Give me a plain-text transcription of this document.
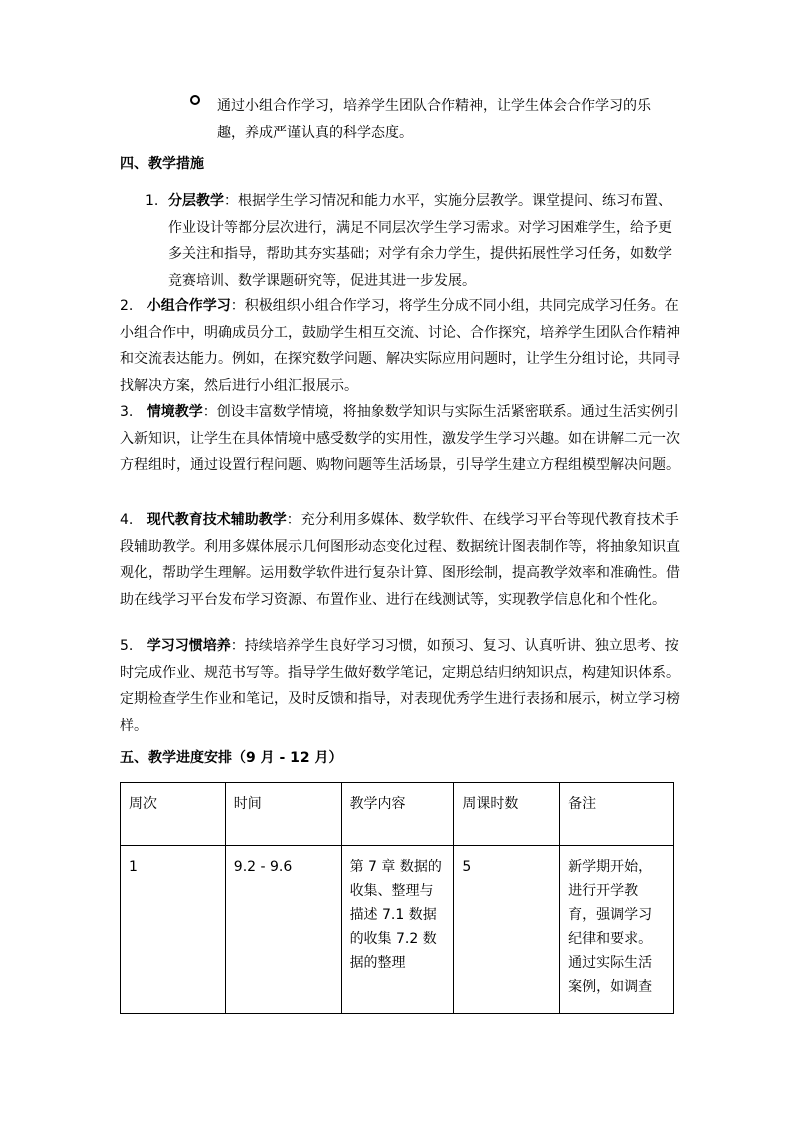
通过小组合作学习，培养学生团队合作精神，让学生体会合作学习的乐趣，养成严谨认真的科学态度。

四、教学措施

1. 分层教学：根据学生学习情况和能力水平，实施分层教学。课堂提问、练习布置、作业设计等都分层次进行，满足不同层次学生学习需求。对学习困难学生，给予更多关注和指导，帮助其夯实基础；对学有余力学生，提供拓展性学习任务，如数学竞赛培训、数学课题研究等，促进其进一步发展。

2. 小组合作学习：积极组织小组合作学习，将学生分成不同小组，共同完成学习任务。在小组合作中，明确成员分工，鼓励学生相互交流、讨论、合作探究，培养学生团队合作精神和交流表达能力。例如，在探究数学问题、解决实际应用问题时，让学生分组讨论，共同寻找解决方案，然后进行小组汇报展示。

3. 情境教学：创设丰富数学情境，将抽象数学知识与实际生活紧密联系。通过生活实例引入新知识，让学生在具体情境中感受数学的实用性，激发学生学习兴趣。如在讲解二元一次方程组时，通过设置行程问题、购物问题等生活场景，引导学生建立方程组模型解决问题。

4. 现代教育技术辅助教学：充分利用多媒体、数学软件、在线学习平台等现代教育技术手段辅助教学。利用多媒体展示几何图形动态变化过程、数据统计图表制作等，将抽象知识直观化，帮助学生理解。运用数学软件进行复杂计算、图形绘制，提高教学效率和准确性。借助在线学习平台发布学习资源、布置作业、进行在线测试等，实现教学信息化和个性化。

5. 学习习惯培养：持续培养学生良好学习习惯，如预习、复习、认真听讲、独立思考、按时完成作业、规范书写等。指导学生做好数学笔记，定期总结归纳知识点，构建知识体系。定期检查学生作业和笔记，及时反馈和指导，对表现优秀学生进行表扬和展示，树立学习榜样。

五、教学进度安排（9 月 - 12 月）

周次	时间	教学内容	周课时数	备注
1	9.2 - 9.6	第 7 章 数据的收集、整理与描述 7.1 数据的收集 7.2 数据的整理	5	新学期开始，进行开学教育，强调学习纪律和要求。通过实际生活案例，如调查
